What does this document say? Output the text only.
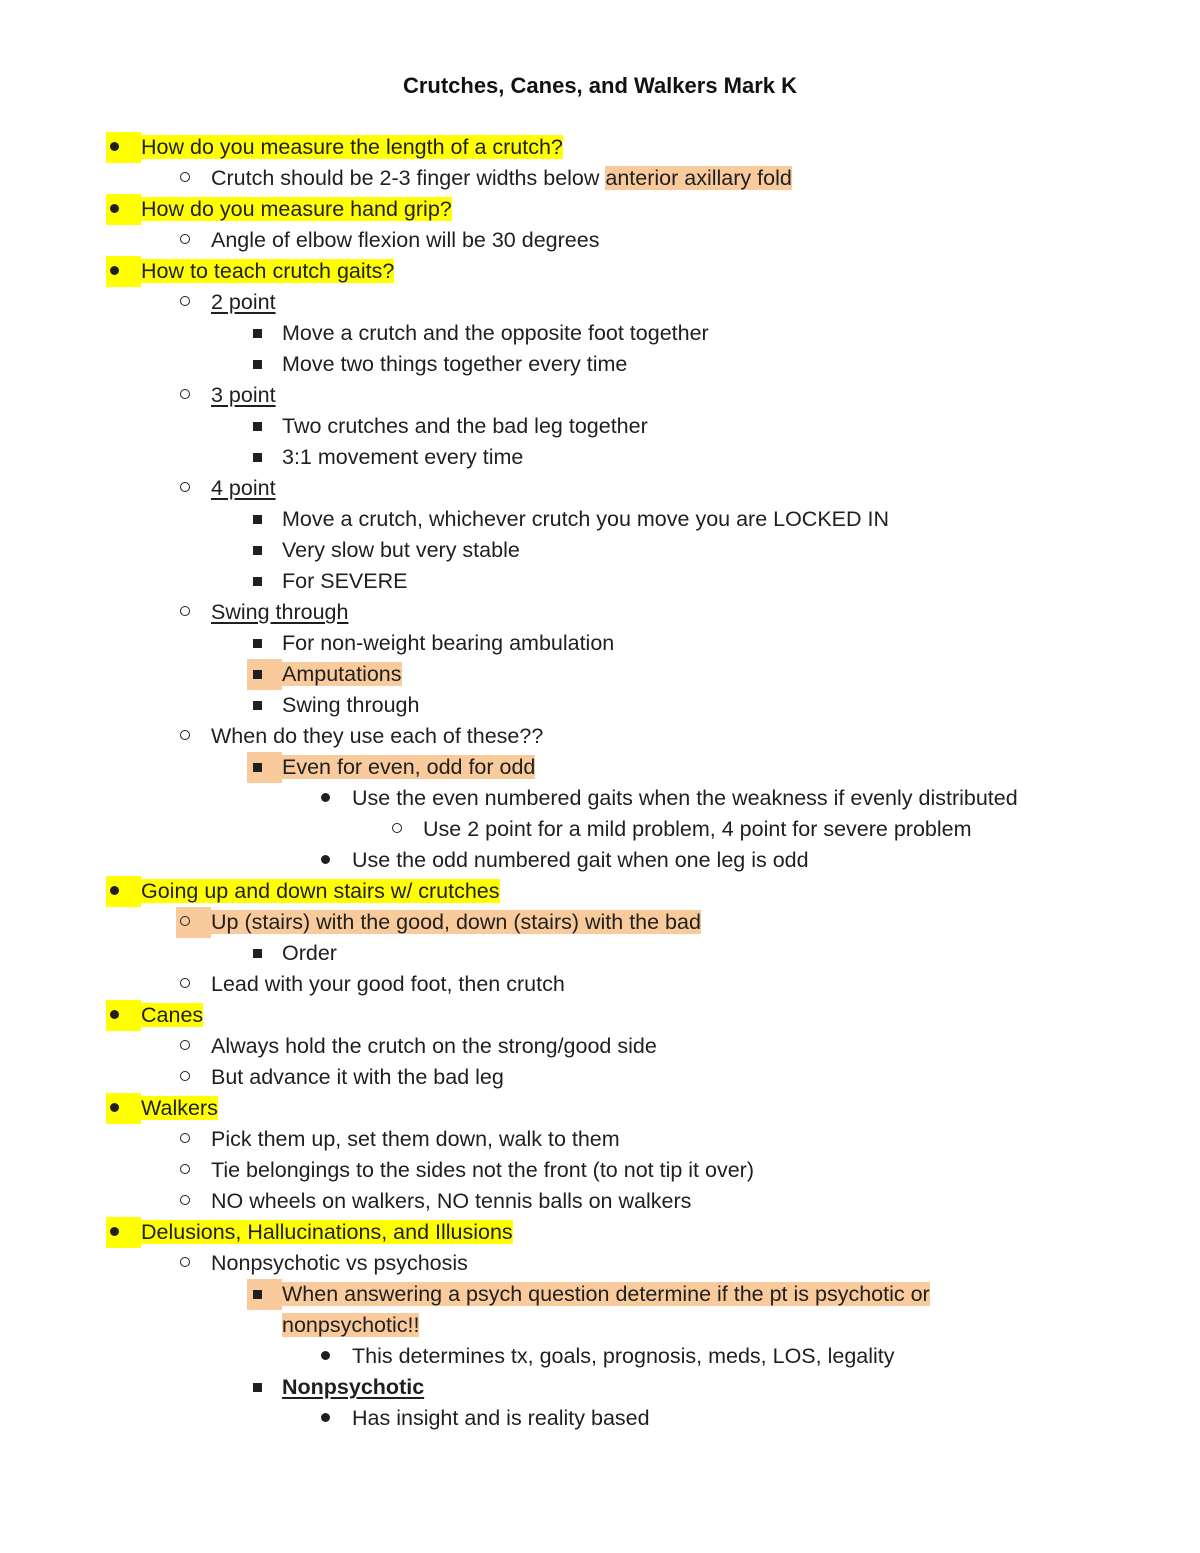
Crutches, Canes, and Walkers Mark K
How do you measure the length of a crutch?
Crutch should be 2-3 finger widths below anterior axillary fold
How do you measure hand grip?
Angle of elbow flexion will be 30 degrees
How to teach crutch gaits?
2 point
Move a crutch and the opposite foot together
Move two things together every time
3 point
Two crutches and the bad leg together
3:1 movement every time
4 point
Move a crutch, whichever crutch you move you are LOCKED IN
Very slow but very stable
For SEVERE
Swing through
For non-weight bearing ambulation
Amputations
Swing through
When do they use each of these??
Even for even, odd for odd
Use the even numbered gaits when the weakness if evenly distributed
Use 2 point for a mild problem, 4 point for severe problem
Use the odd numbered gait when one leg is odd
Going up and down stairs w/ crutches
Up (stairs) with the good, down (stairs) with the bad
Order
Lead with your good foot, then crutch
Canes
Always hold the crutch on the strong/good side
But advance it with the bad leg
Walkers
Pick them up, set them down, walk to them
Tie belongings to the sides not the front (to not tip it over)
NO wheels on walkers, NO tennis balls on walkers
Delusions, Hallucinations, and Illusions
Nonpsychotic vs psychosis
When answering a psych question determine if the pt is psychotic or
nonpsychotic!!
This determines tx, goals, prognosis, meds, LOS, legality
Nonpsychotic
Has insight and is reality based
